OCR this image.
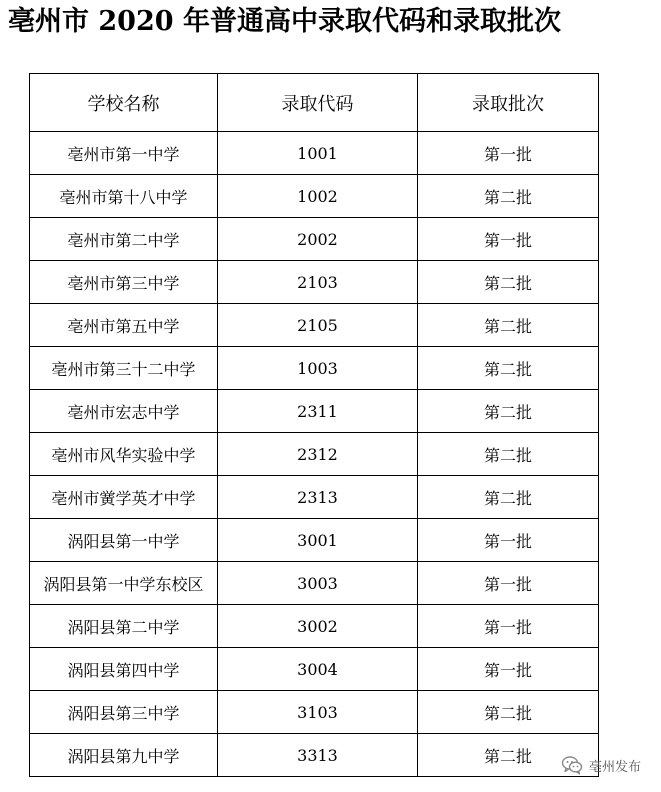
亳州市 2020 年普通高中录取代码和录取批次
学校名称	录取代码	录取批次
亳州市第一中学	1001	第一批
亳州市第十八中学	1002	第二批
亳州市第二中学	2002	第一批
亳州市第三中学	2103	第二批
亳州市第五中学	2105	第二批
亳州市第三十二中学	1003	第二批
亳州市宏志中学	2311	第二批
亳州市风华实验中学	2312	第二批
亳州市黉学英才中学	2313	第二批
涡阳县第一中学	3001	第一批
涡阳县第一中学东校区	3003	第一批
涡阳县第二中学	3002	第一批
涡阳县第四中学	3004	第一批
涡阳县第三中学	3103	第二批
涡阳县第九中学	3313	第二批
亳州发布
